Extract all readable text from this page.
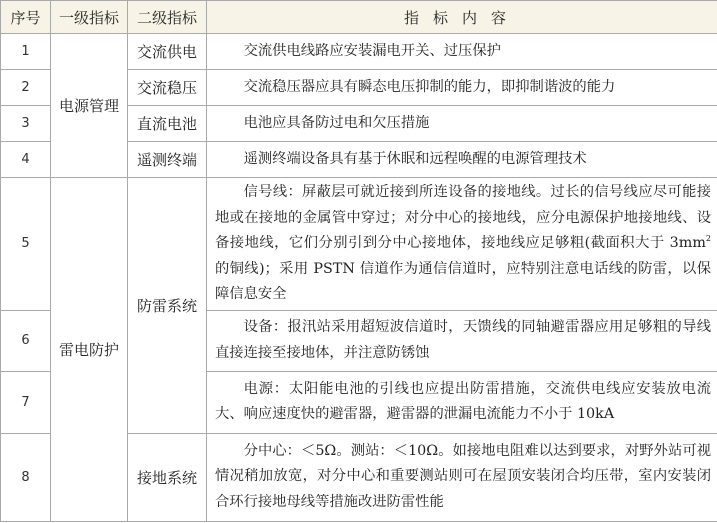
序号	一级指标	二级指标	指标内容
1	电源管理	交流供电	交流供电线路应安装漏电开关、过压保护

2		交流稳压	交流稳压器应具有瞬态电压抑制的能力，即抑制谐波的能力

3		直流电池	电池应具备防过电和欠压措施

4		遥测终端	遥测终端设备具有基于休眠和远程唤醒的电源管理技术

5	雷电防护	防雷系统	信号线：屏蔽层可就近接到所连设备的接地线。过长的信号线应尽可能接地或在接地的金属管中穿过；对分中心的接地线，应分电源保护地接地线、设备接地线，它们分别引到分中心接地体，接地线应足够粗(截面积大于 $3mm^2$ 的铜线)；采用 PSTN 信道作为通信信道时，应特别注意电话线的防雷，以保障信息安全

6			设备：报汛站采用超短波信道时，天馈线的同轴避雷器应用足够粗的导线直接连接至接地体，并注意防锈蚀

7			电源：太阳能电池的引线也应提出防雷措施，交流供电线应安装放电流大、响应速度快的避雷器，避雷器的泄漏电流能力不小于 10kA

8		接地系统	分中心：＜5Ω。测站：＜10Ω。如接地电阻难以达到要求，对野外站可视情况稍加放宽，对分中心和重要测站则可在屋顶安装闭合均压带，室内安装闭合环行接地母线等措施改进防雷性能
